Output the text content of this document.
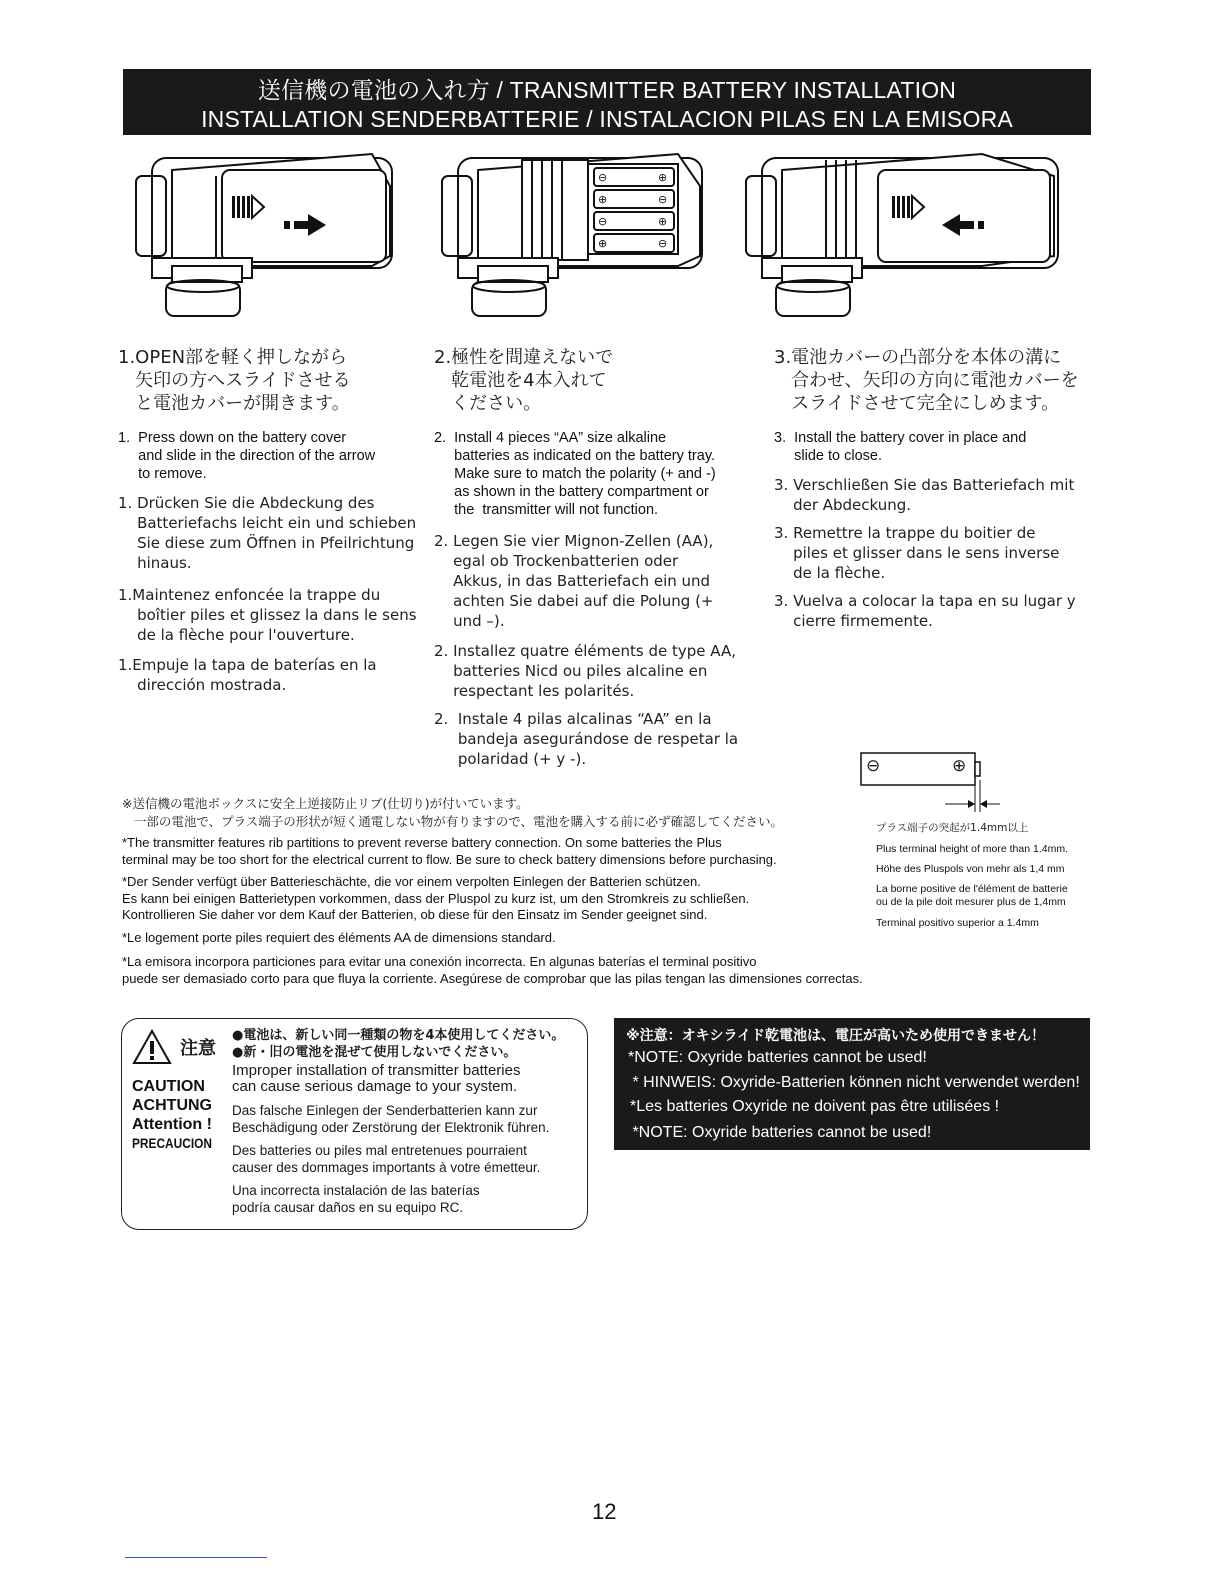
送信機の電池の入れ方 / TRANSMITTER BATTERY INSTALLATION
INSTALLATION SENDERBATTERIE / INSTALACION PILAS EN LA EMISORA
⊖	⊕
⊕	⊖
⊖	⊕
⊕	⊖
1.OPEN部を軽く押しながら
矢印の方へスライドさせる
と電池カバーが開きます。
1.  Press down on the battery cover
and slide in the direction of the arrow
to remove.
1. Drücken Sie die Abdeckung des
Batteriefachs leicht ein und schieben
Sie diese zum Öffnen in Pfeilrichtung
hinaus.
1.Maintenez enfoncée la trappe du
boîtier piles et glissez la dans le sens
de la flèche pour l'ouverture.
1.Empuje la tapa de baterías en la
dirección mostrada.
2.極性を間違えないで
乾電池を4本入れて
ください。
2.  Install 4 pieces “AA” size alkaline
batteries as indicated on the battery tray.
Make sure to match the polarity (+ and -)
as shown in the battery compartment or
the  transmitter will not function.
2. Legen Sie vier Mignon-Zellen (AA),
egal ob Trockenbatterien oder
Akkus, in das Batteriefach ein und
achten Sie dabei auf die Polung (+
und –).
2. Installez quatre éléments de type AA,
batteries Nicd ou piles alcaline en
respectant les polarités.
2.  Instale 4 pilas alcalinas “AA” en la
bandeja asegurándose de respetar la
polaridad (+ y -).
3.電池カバーの凸部分を本体の溝に
合わせ、矢印の方向に電池カバーを
スライドさせて完全にしめます。
3.  Install the battery cover in place and
slide to close.
3. Verschließen Sie das Batteriefach mit
der Abdeckung.
3. Remettre la trappe du boitier de
piles et glisser dans le sens inverse
de la flèche.
3. Vuelva a colocar la tapa en su lugar y
cierre firmemente.
※送信機の電池ボックスに安全上逆接防止リブ(仕切り)が付いています。
一部の電池で、プラス端子の形状が短く通電しない物が有りますので、電池を購入する前に必ず確認してください。
*The transmitter features rib partitions to prevent reverse battery connection. On some batteries the Plus
terminal may be too short for the electrical current to flow. Be sure to check battery dimensions before purchasing.
*Der Sender verfügt über Batterieschächte, die vor einem verpolten Einlegen der Batterien schützen.
Es kann bei einigen Batterietypen vorkommen, dass der Pluspol zu kurz ist, um den Stromkreis zu schließen.
Kontrollieren Sie daher vor dem Kauf der Batterien, ob diese für den Einsatz im Sender geeignet sind.
*Le logement porte piles requiert des éléments AA de dimensions standard.
*La emisora incorpora particiones para evitar una conexión incorrecta. En algunas baterías el terminal positivo
puede ser demasiado corto para que fluya la corriente. Asegúrese de comprobar que las pilas tengan las dimensiones correctas.
⊖	⊕
プラス端子の突起が1.4mm以上
Plus terminal height of more than 1.4mm.
Höhe des Pluspols von mehr als 1,4 mm
La borne positive de l'élément de batterie
ou de la pile doit mesurer plus de 1,4mm
Terminal positivo superior a 1.4mm
注意
CAUTION
ACHTUNG
Attention !
PRECAUCION
●電池は、新しい同一種類の物を4本使用してください。
●新・旧の電池を混ぜて使用しないでください。
Improper installation of transmitter batteries
can cause serious damage to your system.
Das falsche Einlegen der Senderbatterien kann zur
Beschädigung oder Zerstörung der Elektronik führen.
Des batteries ou piles mal entretenues pourraient
causer des dommages importants à votre émetteur.
Una incorrecta instalación de las baterías
podría causar daños en su equipo RC.
※注意：オキシライド乾電池は、電圧が高いため使用できません！
*NOTE: Oxyride batteries cannot be used!
* HINWEIS: Oxyride-Batterien können nicht verwendet werden!
*Les batteries Oxyride ne doivent pas être utilisées !
*NOTE: Oxyride batteries cannot be used!
12
